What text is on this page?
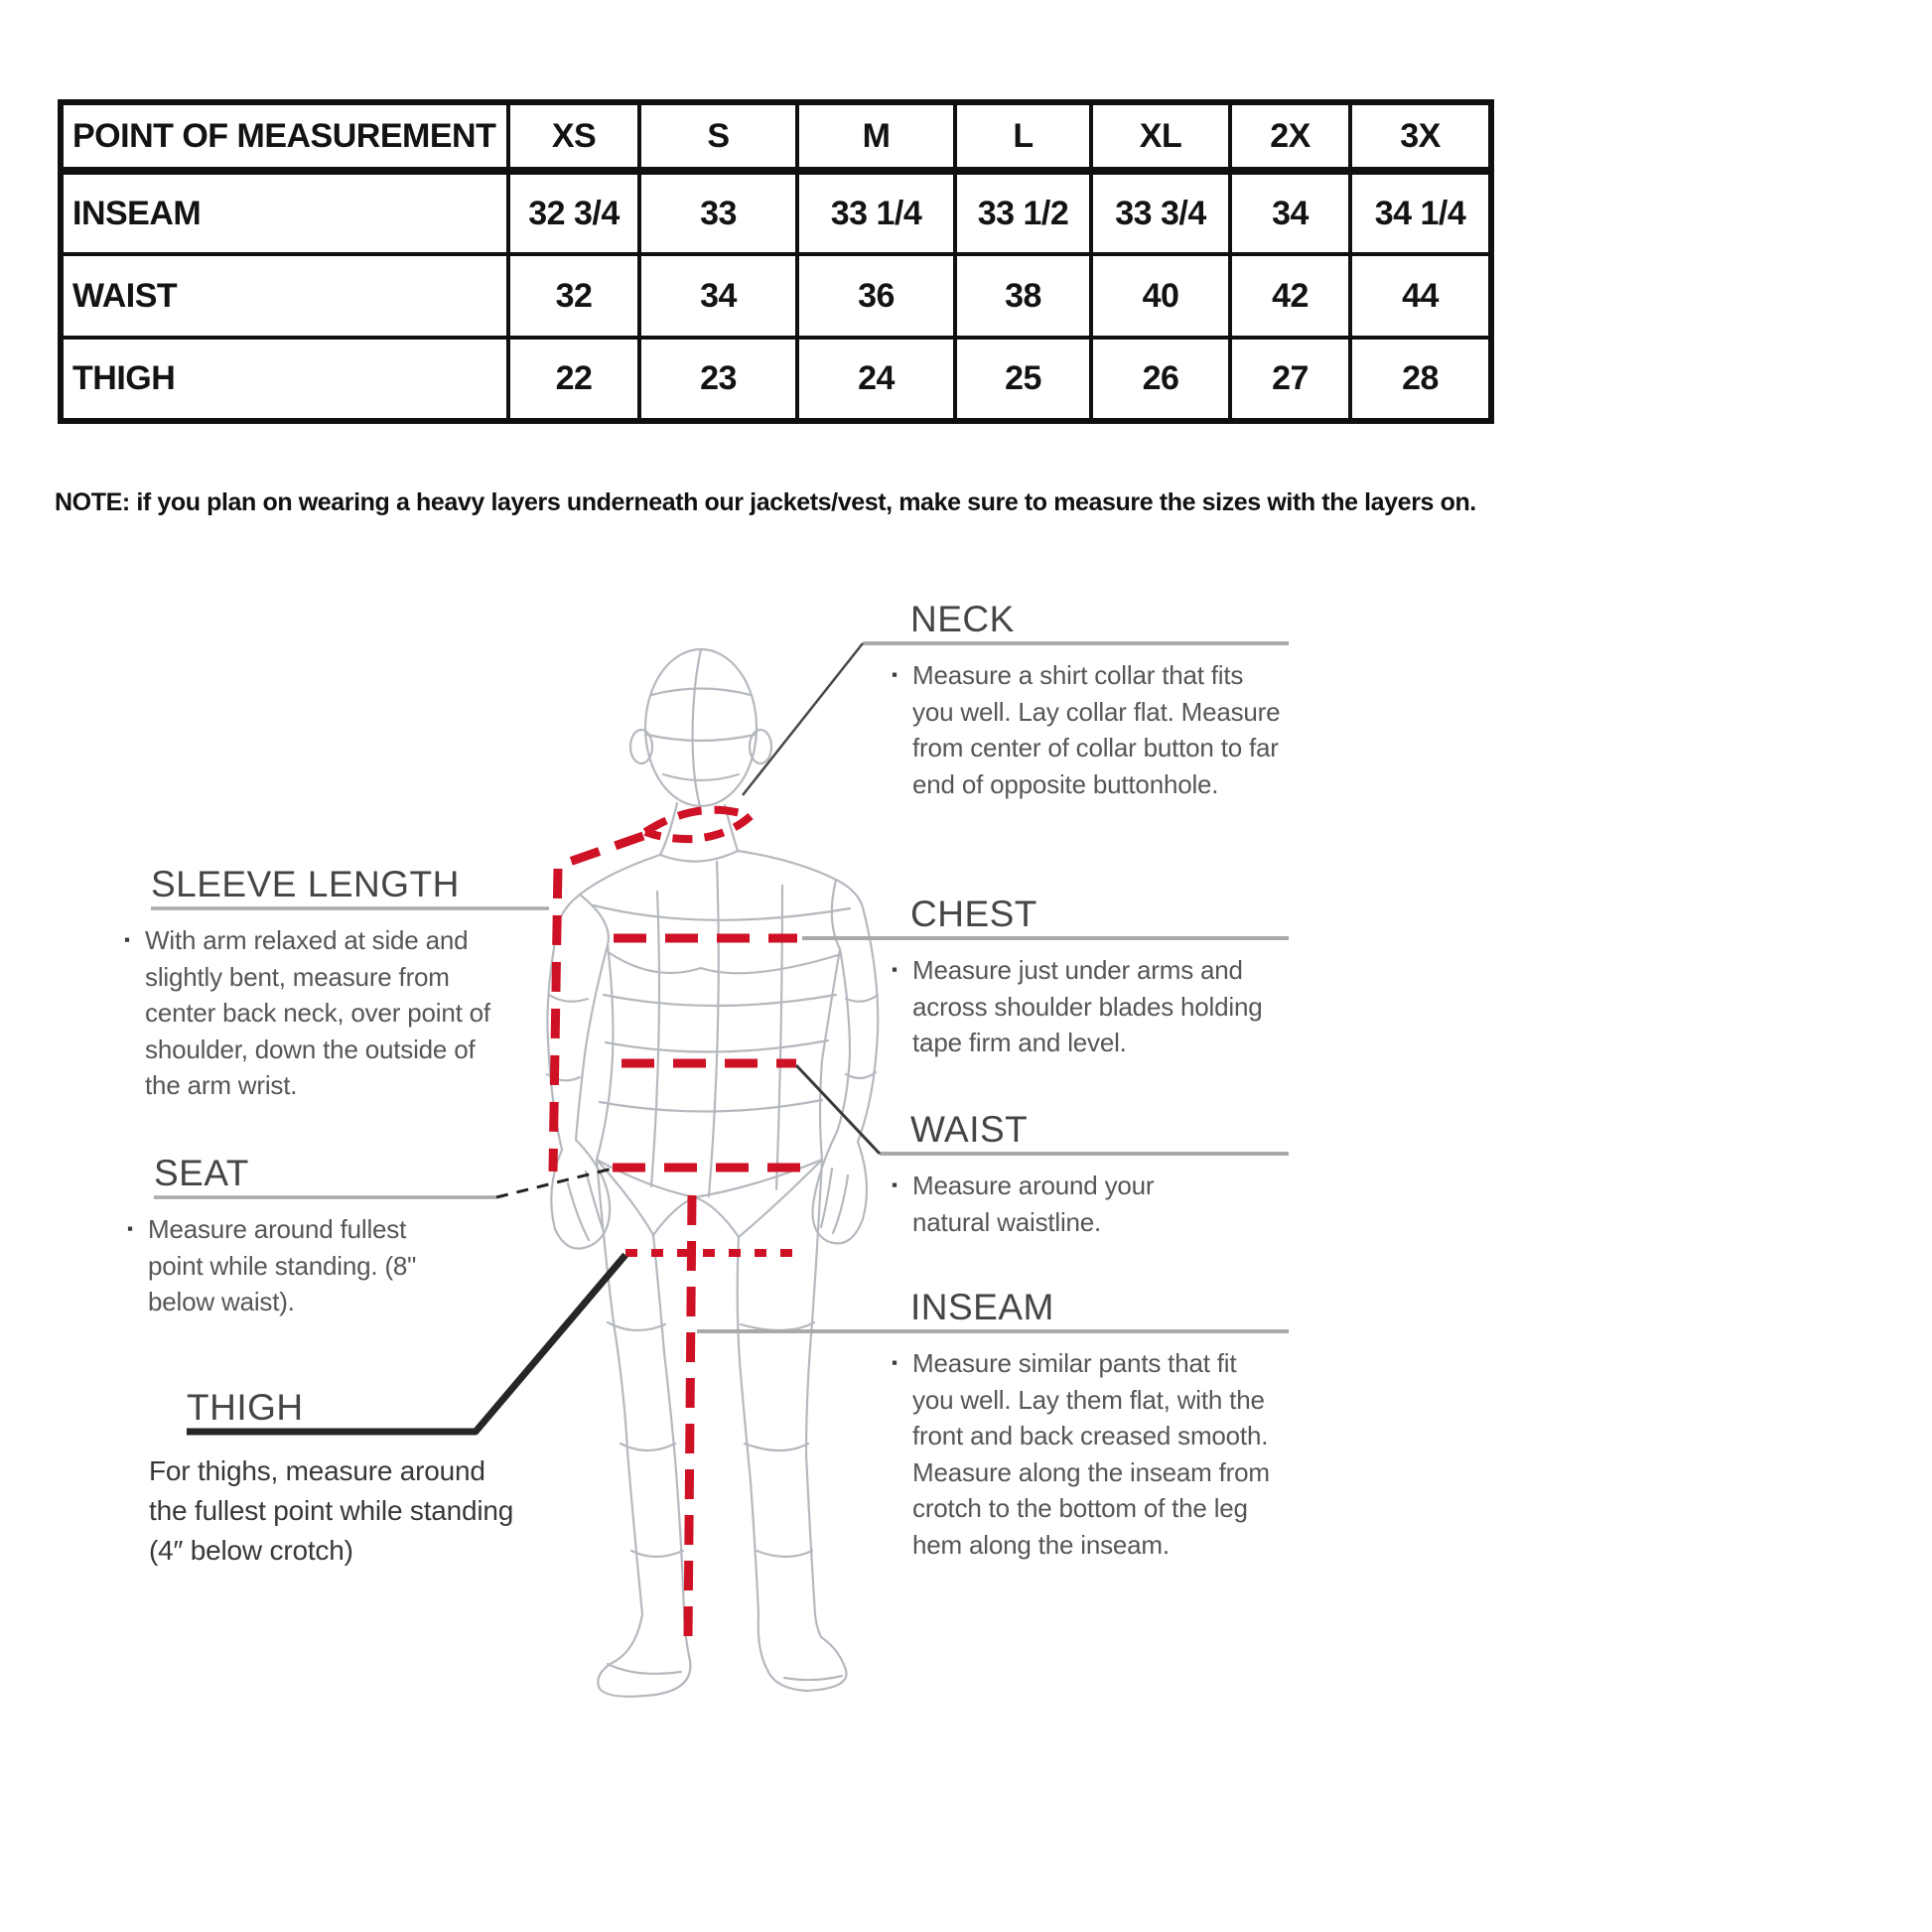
POINT OF MEASUREMENT	XS	S	M	L	XL	2X	3X
INSEAM	32 3/4	33	33 1/4	33 1/2	33 3/4	34	34 1/4
WAIST	32	34	36	38	40	42	44
THIGH	22	23	24	25	26	27	28
NOTE: if you plan on wearing a heavy layers underneath our jackets/vest, make sure to measure the sizes with the layers on.
NECK
▪ Measure a shirt collar that fits you well. Lay collar flat. Measure from center of collar button to far end of opposite buttonhole.
SLEEVE LENGTH
▪ With arm relaxed at side and slightly bent, measure from center back neck, over point of shoulder, down the outside of the arm wrist.
CHEST
▪ Measure just under arms and across shoulder blades holding tape firm and level.
WAIST
▪ Measure around your natural waistline.
SEAT
▪ Measure around fullest point while standing. (8" below waist).	INSEAM
▪ Measure similar pants that fit you well. Lay them flat, with the front and back creased smooth. Measure along the inseam from crotch to the bottom of the leg hem along the inseam.
THIGH
For thighs, measure around the fullest point while standing (4″ below crotch)
